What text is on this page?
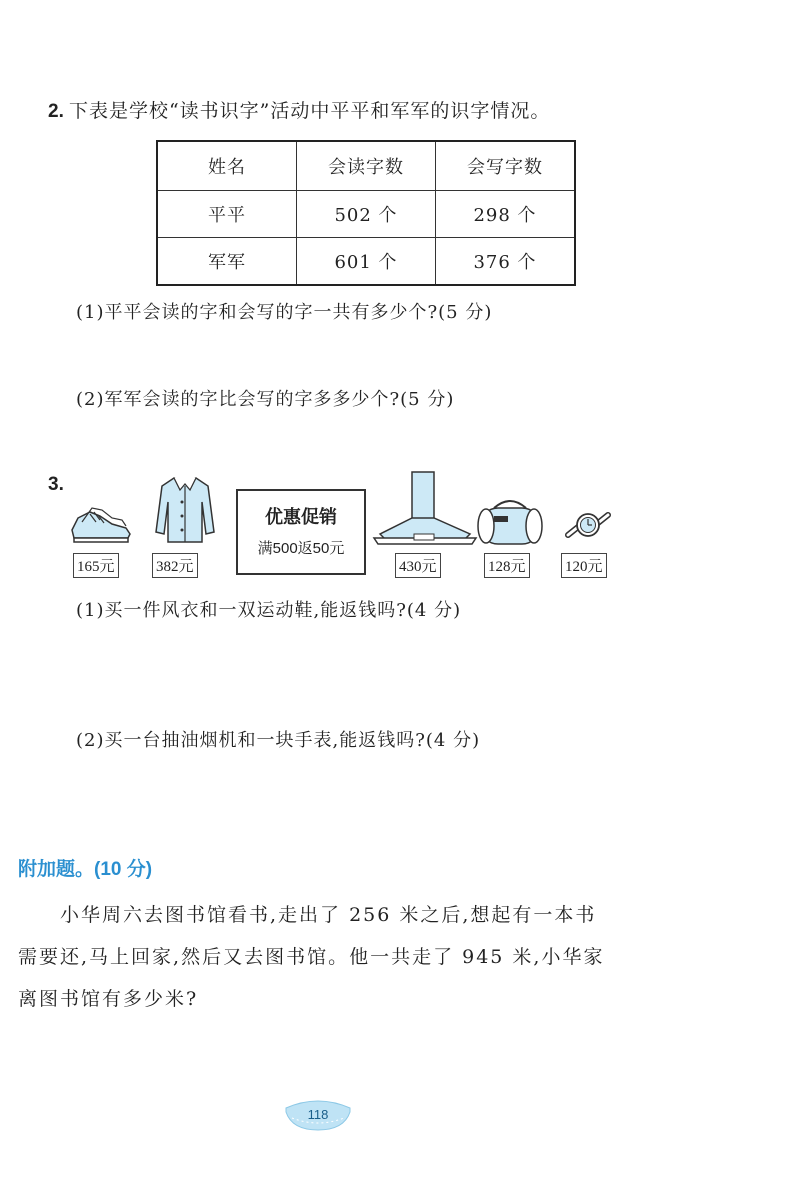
2. 下表是学校“读书识字”活动中平平和军军的识字情况。
姓名	会读字数	会写字数
平平	502 个	298 个
军军	601 个	376 个
(1)平平会读的字和会写的字一共有多少个?(5 分)
(2)军军会读的字比会写的字多多少个?(5 分)
3.
165元	382元	430元	128元	120元
优惠促销
满500返50元
(1)买一件风衣和一双运动鞋,能返钱吗?(4 分)
(2)买一台抽油烟机和一块手表,能返钱吗?(4 分)
附加题。(10 分)
小华周六去图书馆看书,走出了 256 米之后,想起有一本书
需要还,马上回家,然后又去图书馆。他一共走了 945 米,小华家
离图书馆有多少米?
118
